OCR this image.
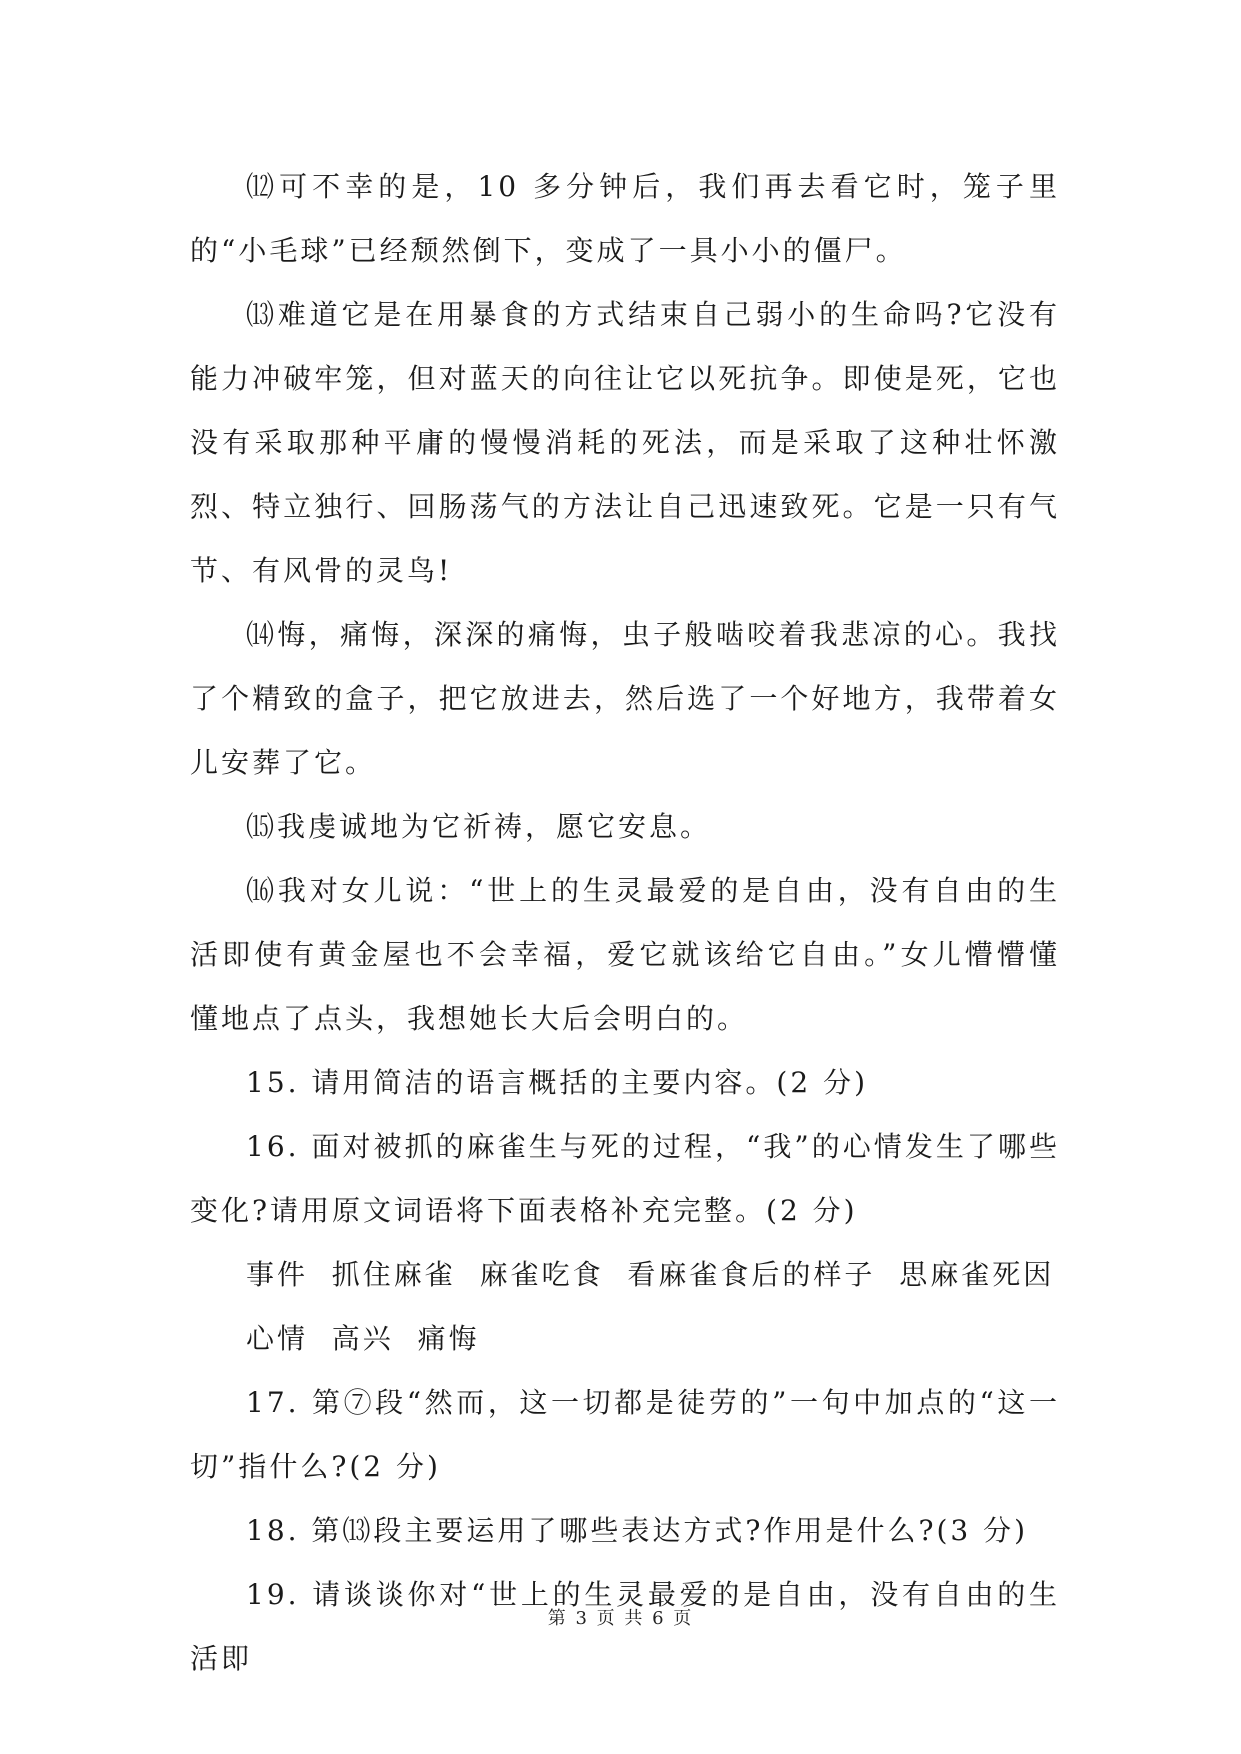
⑿可不幸的是，10 多分钟后，我们再去看它时，笼子里的“小毛球”已经颓然倒下，变成了一具小小的僵尸。

⒀难道它是在用暴食的方式结束自己弱小的生命吗?它没有能力冲破牢笼，但对蓝天的向往让它以死抗争。即使是死，它也没有采取那种平庸的慢慢消耗的死法，而是采取了这种壮怀激烈、特立独行、回肠荡气的方法让自己迅速致死。它是一只有气节、有风骨的灵鸟!

⒁悔，痛悔，深深的痛悔，虫子般啮咬着我悲凉的心。我找了个精致的盒子，把它放进去，然后选了一个好地方，我带着女儿安葬了它。

⒂我虔诚地为它祈祷，愿它安息。

⒃我对女儿说：“世上的生灵最爱的是自由，没有自由的生活即使有黄金屋也不会幸福，爱它就该给它自由。”女儿懵懵懂懂地点了点头，我想她长大后会明白的。

15. 请用简洁的语言概括的主要内容。(2 分)

16. 面对被抓的麻雀生与死的过程，“我”的心情发生了哪些变化?请用原文词语将下面表格补充完整。(2 分)

事件  抓住麻雀  麻雀吃食  看麻雀食后的样子  思麻雀死因

心情  高兴  痛悔

17. 第⑦段“然而，这一切都是徒劳的”一句中加点的“这一切”指什么?(2 分)

18. 第⒀段主要运用了哪些表达方式?作用是什么?(3 分)

19. 请谈谈你对“世上的生灵最爱的是自由，没有自由的生活即

第 3 页 共 6 页
